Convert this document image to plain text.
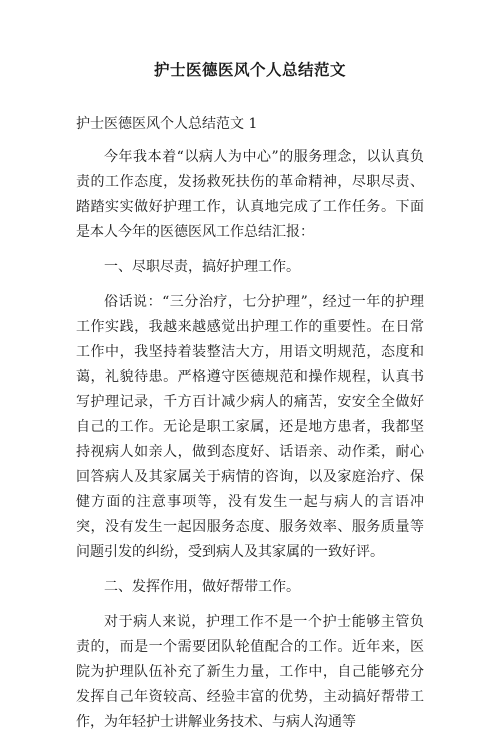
护士医德医风个人总结范文

护士医德医风个人总结范文 1

今年我本着“以病人为中心”的服务理念，以认真负责的工作态度，发扬救死扶伤的革命精神，尽职尽责、踏踏实实做好护理工作，认真地完成了工作任务。下面是本人今年的医德医风工作总结汇报：

一、尽职尽责，搞好护理工作。

俗话说：“三分治疗，七分护理”，经过一年的护理工作实践，我越来越感觉出护理工作的重要性。在日常工作中，我坚持着装整洁大方，用语文明规范，态度和蔼，礼貌待患。严格遵守医德规范和操作规程，认真书写护理记录，千方百计减少病人的痛苦，安安全全做好自己的工作。无论是职工家属，还是地方患者，我都坚持视病人如亲人，做到态度好、话语亲、动作柔，耐心回答病人及其家属关于病情的咨询，以及家庭治疗、保健方面的注意事项等，没有发生一起与病人的言语冲突，没有发生一起因服务态度、服务效率、服务质量等问题引发的纠纷，受到病人及其家属的一致好评。

二、发挥作用，做好帮带工作。

对于病人来说，护理工作不是一个护士能够主管负责的，而是一个需要团队轮值配合的工作。近年来，医院为护理队伍补充了新生力量，工作中，自己能够充分发挥自己年资较高、经验丰富的优势，主动搞好帮带工作，为年轻护士讲解业务技术、与病人沟通等
